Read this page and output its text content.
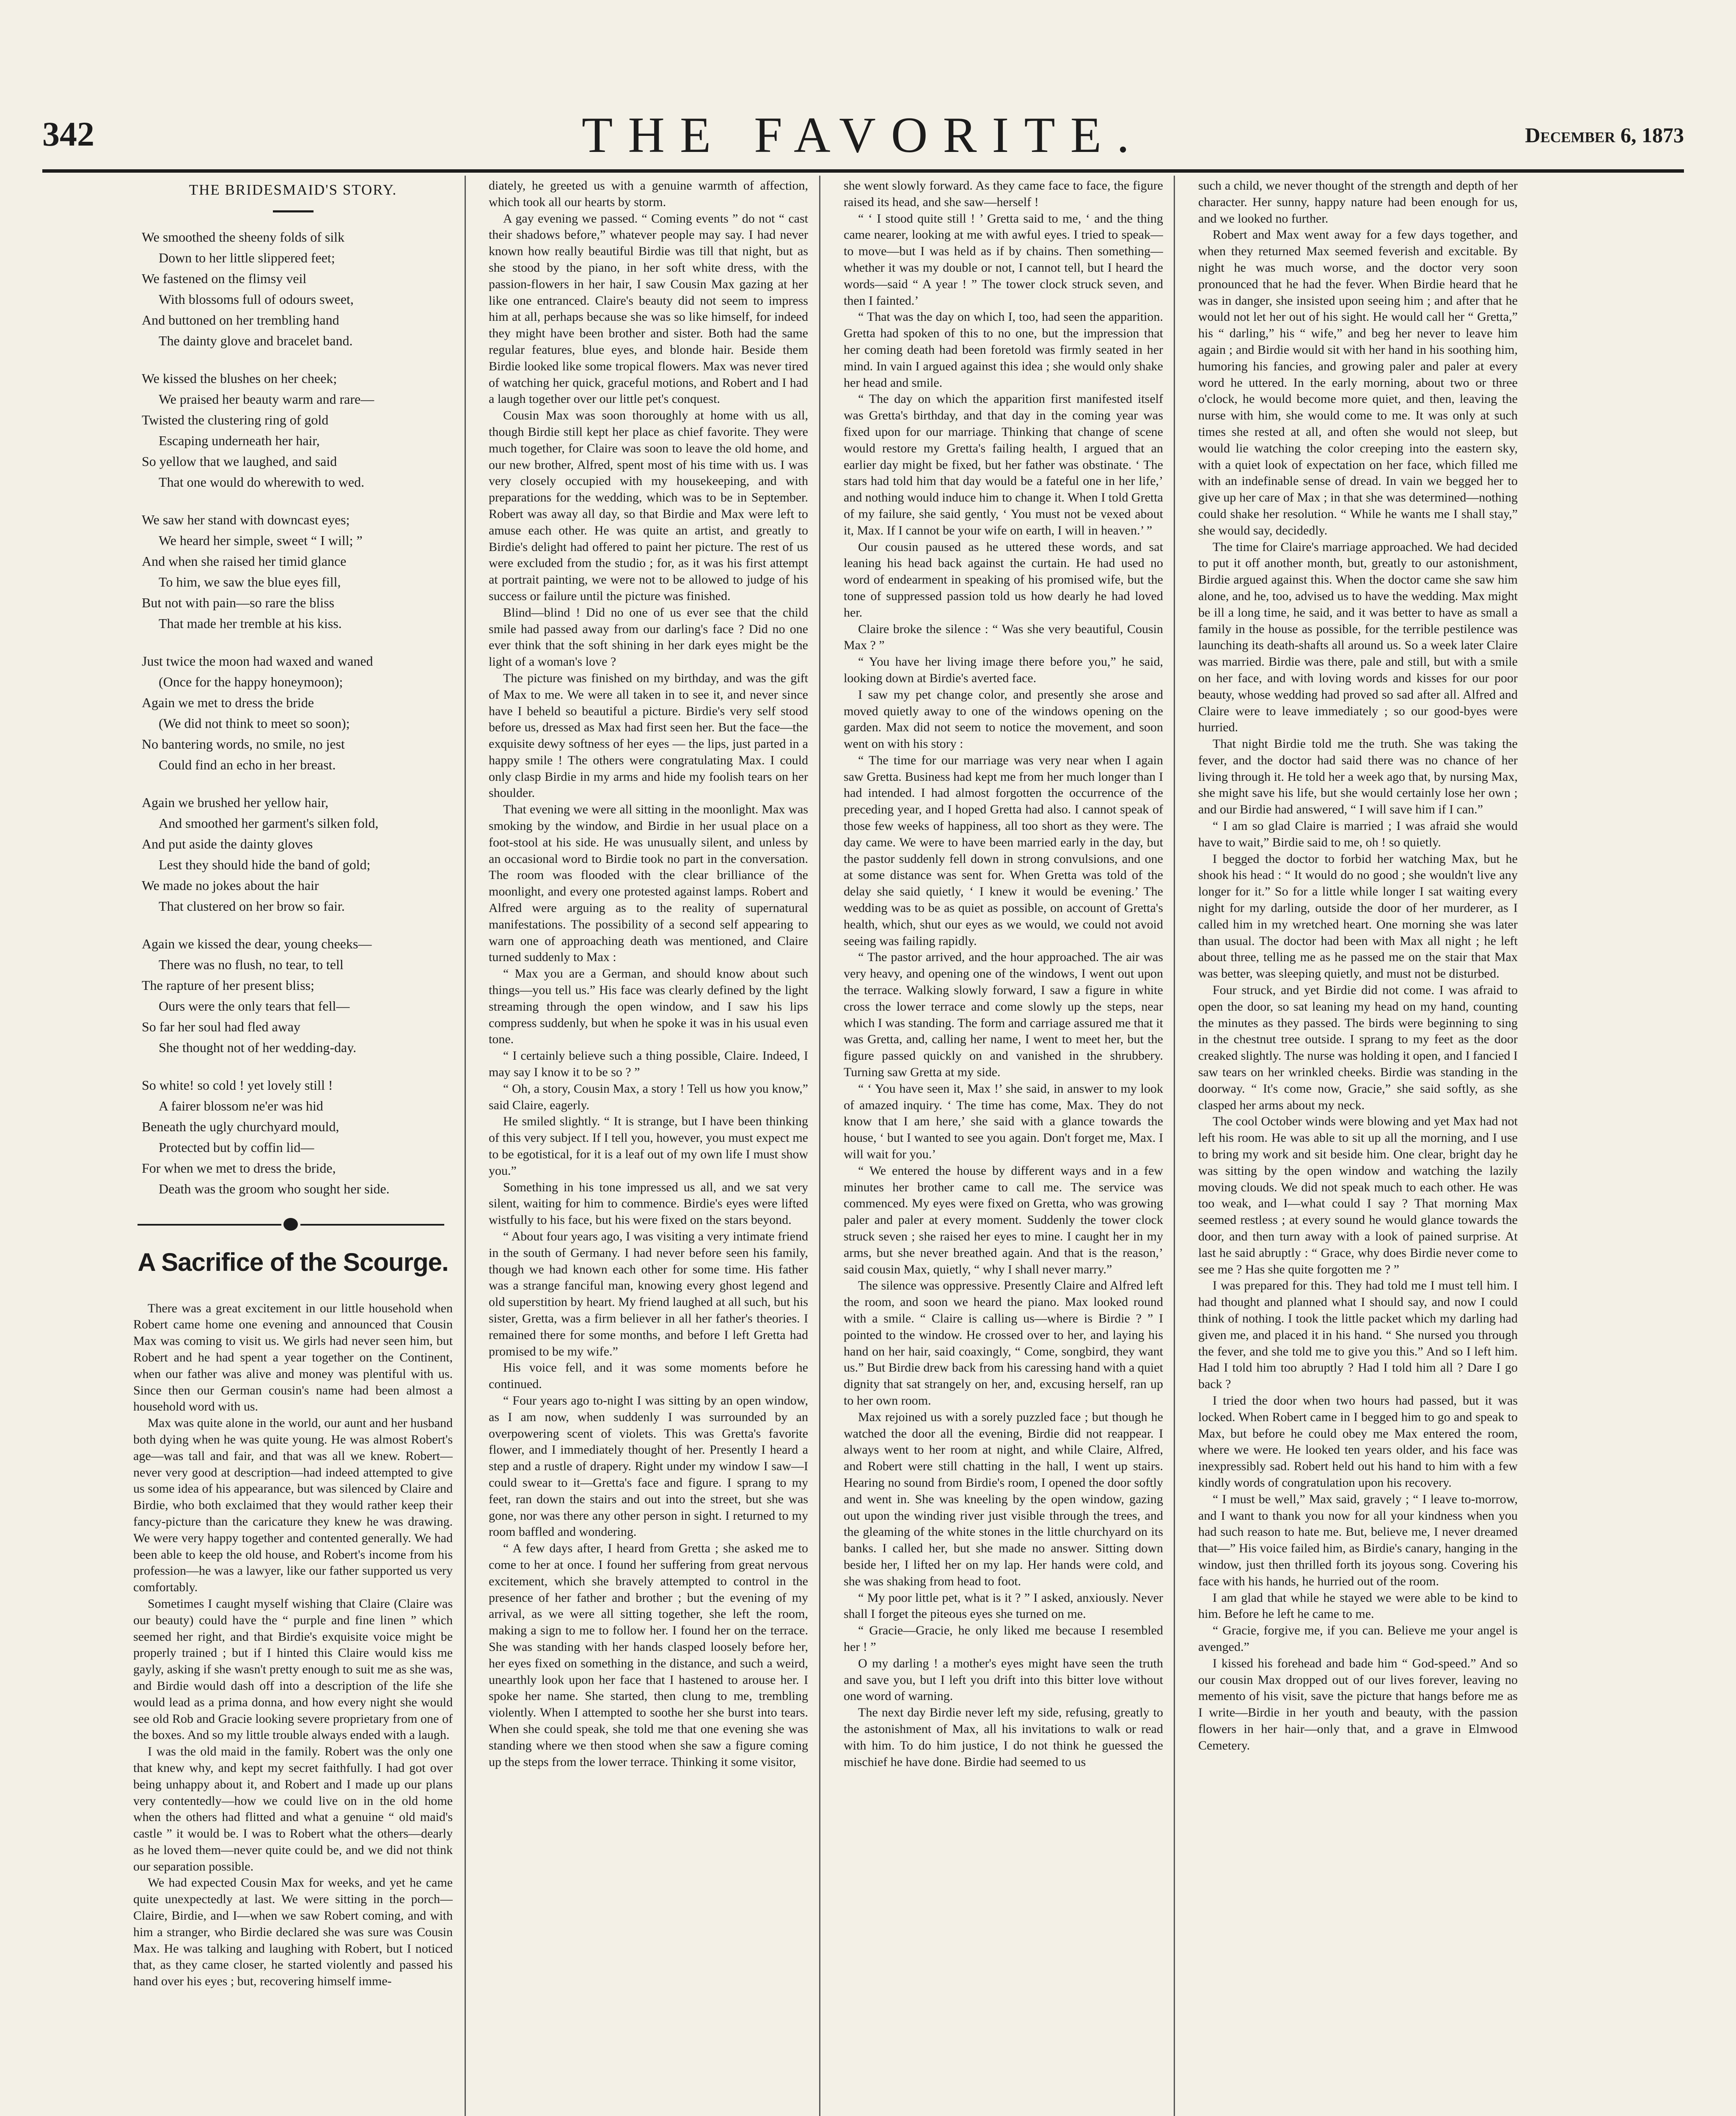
342	THE FAVORITE.	December 6, 1873
THE BRIDESMAID'S STORY.
We smoothed the sheeny folds of silk
Down to her little slippered feet;
We fastened on the flimsy veil
With blossoms full of odours sweet,
And buttoned on her trembling hand
The dainty glove and bracelet band.
We kissed the blushes on her cheek;
We praised her beauty warm and rare—
Twisted the clustering ring of gold
Escaping underneath her hair,
So yellow that we laughed, and said
That one would do wherewith to wed.
We saw her stand with downcast eyes;
We heard her simple, sweet “ I will; ”
And when she raised her timid glance
To him, we saw the blue eyes fill,
But not with pain—so rare the bliss
That made her tremble at his kiss.
Just twice the moon had waxed and waned
(Once for the happy honeymoon);
Again we met to dress the bride
(We did not think to meet so soon);
No bantering words, no smile, no jest
Could find an echo in her breast.
Again we brushed her yellow hair,
And smoothed her garment's silken fold,
And put aside the dainty gloves
Lest they should hide the band of gold;
We made no jokes about the hair
That clustered on her brow so fair.
Again we kissed the dear, young cheeks—
There was no flush, no tear, to tell
The rapture of her present bliss;
Ours were the only tears that fell—
So far her soul had fled away
She thought not of her wedding-day.
So white! so cold ! yet lovely still !
A fairer blossom ne'er was hid
Beneath the ugly churchyard mould,
Protected but by coffin lid—
For when we met to dress the bride,
Death was the groom who sought her side.
A Sacrifice of the Scourge.

There was a great excitement in our little household when Robert came home one evening and announced that Cousin Max was coming to visit us. We girls had never seen him, but Robert and he had spent a year together on the Continent, when our father was alive and money was plentiful with us. Since then our German cousin's name had been almost a household word with us.

Max was quite alone in the world, our aunt and her husband both dying when he was quite young. He was almost Robert's age—was tall and fair, and that was all we knew. Robert—never very good at description—had indeed attempted to give us some idea of his appearance, but was silenced by Claire and Birdie, who both exclaimed that they would rather keep their fancy-picture than the caricature they knew he was drawing. We were very happy together and contented generally. We had been able to keep the old house, and Robert's income from his profession—he was a lawyer, like our father supported us very comfortably.

Sometimes I caught myself wishing that Claire (Claire was our beauty) could have the “ purple and fine linen ” which seemed her right, and that Birdie's exquisite voice might be properly trained ; but if I hinted this Claire would kiss me gayly, asking if she wasn't pretty enough to suit me as she was, and Birdie would dash off into a description of the life she would lead as a prima donna, and how every night she would see old Rob and Gracie looking severe proprietary from one of the boxes. And so my little trouble always ended with a laugh.

I was the old maid in the family. Robert was the only one that knew why, and kept my secret faithfully. I had got over being unhappy about it, and Robert and I made up our plans very contentedly—how we could live on in the old home when the others had flitted and what a genuine “ old maid's castle ” it would be. I was to Robert what the others—dearly as he loved them—never quite could be, and we did not think our separation possible.

We had expected Cousin Max for weeks, and yet he came quite unexpectedly at last. We were sitting in the porch—Claire, Birdie, and I—when we saw Robert coming, and with him a stranger, who Birdie declared she was sure was Cousin Max. He was talking and laughing with Robert, but I noticed that, as they came closer, he started violently and passed his hand over his eyes ; but, recovering himself imme-

diately, he greeted us with a genuine warmth of affection, which took all our hearts by storm.

A gay evening we passed. “ Coming events ” do not “ cast their shadows before,” whatever people may say. I had never known how really beautiful Birdie was till that night, but as she stood by the piano, in her soft white dress, with the passion-flowers in her hair, I saw Cousin Max gazing at her like one entranced. Claire's beauty did not seem to impress him at all, perhaps because she was so like himself, for indeed they might have been brother and sister. Both had the same regular features, blue eyes, and blonde hair. Beside them Birdie looked like some tropical flowers. Max was never tired of watching her quick, graceful motions, and Robert and I had a laugh together over our little pet's conquest.

Cousin Max was soon thoroughly at home with us all, though Birdie still kept her place as chief favorite. They were much together, for Claire was soon to leave the old home, and our new brother, Alfred, spent most of his time with us. I was very closely occupied with my housekeeping, and with preparations for the wedding, which was to be in September. Robert was away all day, so that Birdie and Max were left to amuse each other. He was quite an artist, and greatly to Birdie's delight had offered to paint her picture. The rest of us were excluded from the studio ; for, as it was his first attempt at portrait painting, we were not to be allowed to judge of his success or failure until the picture was finished.

Blind—blind ! Did no one of us ever see that the child smile had passed away from our darling's face ? Did no one ever think that the soft shining in her dark eyes might be the light of a woman's love ?

The picture was finished on my birthday, and was the gift of Max to me. We were all taken in to see it, and never since have I beheld so beautiful a picture. Birdie's very self stood before us, dressed as Max had first seen her. But the face—the exquisite dewy softness of her eyes — the lips, just parted in a happy smile ! The others were congratulating Max. I could only clasp Birdie in my arms and hide my foolish tears on her shoulder.

That evening we were all sitting in the moonlight. Max was smoking by the window, and Birdie in her usual place on a foot-stool at his side. He was unusually silent, and unless by an occasional word to Birdie took no part in the conversation. The room was flooded with the clear brilliance of the moonlight, and every one protested against lamps. Robert and Alfred were arguing as to the reality of supernatural manifestations. The possibility of a second self appearing to warn one of approaching death was mentioned, and Claire turned suddenly to Max :

“ Max you are a German, and should know about such things—you tell us.” His face was clearly defined by the light streaming through the open window, and I saw his lips compress suddenly, but when he spoke it was in his usual even tone.

“ I certainly believe such a thing possible, Claire. Indeed, I may say I know it to be so ? ”

“ Oh, a story, Cousin Max, a story ! Tell us how you know,” said Claire, eagerly.

He smiled slightly. “ It is strange, but I have been thinking of this very subject. If I tell you, however, you must expect me to be egotistical, for it is a leaf out of my own life I must show you.”

Something in his tone impressed us all, and we sat very silent, waiting for him to commence. Birdie's eyes were lifted wistfully to his face, but his were fixed on the stars beyond.

“ About four years ago, I was visiting a very intimate friend in the south of Germany. I had never before seen his family, though we had known each other for some time. His father was a strange fanciful man, knowing every ghost legend and old superstition by heart. My friend laughed at all such, but his sister, Gretta, was a firm believer in all her father's theories. I remained there for some months, and before I left Gretta had promised to be my wife.”

His voice fell, and it was some moments before he continued.

“ Four years ago to-night I was sitting by an open window, as I am now, when suddenly I was surrounded by an overpowering scent of violets. This was Gretta's favorite flower, and I immediately thought of her. Presently I heard a step and a rustle of drapery. Right under my window I saw—I could swear to it—Gretta's face and figure. I sprang to my feet, ran down the stairs and out into the street, but she was gone, nor was there any other person in sight. I returned to my room baffled and wondering.

“ A few days after, I heard from Gretta ; she asked me to come to her at once. I found her suffering from great nervous excitement, which she bravely attempted to control in the presence of her father and brother ; but the evening of my arrival, as we were all sitting together, she left the room, making a sign to me to follow her. I found her on the terrace. She was standing with her hands clasped loosely before her, her eyes fixed on something in the distance, and such a weird, unearthly look upon her face that I hastened to arouse her. I spoke her name. She started, then clung to me, trembling violently. When I attempted to soothe her she burst into tears. When she could speak, she told me that one evening she was standing where we then stood when she saw a figure coming up the steps from the lower terrace. Thinking it some visitor,

she went slowly forward. As they came face to face, the figure raised its head, and she saw—herself !

“ ‘ I stood quite still ! ’ Gretta said to me, ‘ and the thing came nearer, looking at me with awful eyes. I tried to speak—to move—but I was held as if by chains. Then something—whether it was my double or not, I cannot tell, but I heard the words—said “ A year ! ” The tower clock struck seven, and then I fainted.’

“ That was the day on which I, too, had seen the apparition. Gretta had spoken of this to no one, but the impression that her coming death had been foretold was firmly seated in her mind. In vain I argued against this idea ; she would only shake her head and smile.

“ The day on which the apparition first manifested itself was Gretta's birthday, and that day in the coming year was fixed upon for our marriage. Thinking that change of scene would restore my Gretta's failing health, I argued that an earlier day might be fixed, but her father was obstinate. ‘ The stars had told him that day would be a fateful one in her life,’ and nothing would induce him to change it. When I told Gretta of my failure, she said gently, ‘ You must not be vexed about it, Max. If I cannot be your wife on earth, I will in heaven.’ ”

Our cousin paused as he uttered these words, and sat leaning his head back against the curtain. He had used no word of endearment in speaking of his promised wife, but the tone of suppressed passion told us how dearly he had loved her.

Claire broke the silence : “ Was she very beautiful, Cousin Max ? ”

“ You have her living image there before you,” he said, looking down at Birdie's averted face.

I saw my pet change color, and presently she arose and moved quietly away to one of the windows opening on the garden. Max did not seem to notice the movement, and soon went on with his story :

“ The time for our marriage was very near when I again saw Gretta. Business had kept me from her much longer than I had intended. I had almost forgotten the occurrence of the preceding year, and I hoped Gretta had also. I cannot speak of those few weeks of happiness, all too short as they were. The day came. We were to have been married early in the day, but the pastor suddenly fell down in strong convulsions, and one at some distance was sent for. When Gretta was told of the delay she said quietly, ‘ I knew it would be evening.’ The wedding was to be as quiet as possible, on account of Gretta's health, which, shut our eyes as we would, we could not avoid seeing was failing rapidly.

“ The pastor arrived, and the hour approached. The air was very heavy, and opening one of the windows, I went out upon the terrace. Walking slowly forward, I saw a figure in white cross the lower terrace and come slowly up the steps, near which I was standing. The form and carriage assured me that it was Gretta, and, calling her name, I went to meet her, but the figure passed quickly on and vanished in the shrubbery. Turning saw Gretta at my side.

“ ‘ You have seen it, Max !’ she said, in answer to my look of amazed inquiry. ‘ The time has come, Max. They do not know that I am here,’ she said with a glance towards the house, ‘ but I wanted to see you again. Don't forget me, Max. I will wait for you.’

“ We entered the house by different ways and in a few minutes her brother came to call me. The service was commenced. My eyes were fixed on Gretta, who was growing paler and paler at every moment. Suddenly the tower clock struck seven ; she raised her eyes to mine. I caught her in my arms, but she never breathed again. And that is the reason,’ said cousin Max, quietly, “ why I shall never marry.”

The silence was oppressive. Presently Claire and Alfred left the room, and soon we heard the piano. Max looked round with a smile. “ Claire is calling us—where is Birdie ? ” I pointed to the window. He crossed over to her, and laying his hand on her hair, said coaxingly, “ Come, songbird, they want us.” But Birdie drew back from his caressing hand with a quiet dignity that sat strangely on her, and, excusing herself, ran up to her own room.

Max rejoined us with a sorely puzzled face ; but though he watched the door all the evening, Birdie did not reappear. I always went to her room at night, and while Claire, Alfred, and Robert were still chatting in the hall, I went up stairs. Hearing no sound from Birdie's room, I opened the door softly and went in. She was kneeling by the open window, gazing out upon the winding river just visible through the trees, and the gleaming of the white stones in the little churchyard on its banks. I called her, but she made no answer. Sitting down beside her, I lifted her on my lap. Her hands were cold, and she was shaking from head to foot.

“ My poor little pet, what is it ? ” I asked, anxiously. Never shall I forget the piteous eyes she turned on me.

“ Gracie—Gracie, he only liked me because I resembled her ! ”

O my darling ! a mother's eyes might have seen the truth and save you, but I left you drift into this bitter love without one word of warning.

The next day Birdie never left my side, refusing, greatly to the astonishment of Max, all his invitations to walk or read with him. To do him justice, I do not think he guessed the mischief he have done. Birdie had seemed to us

such a child, we never thought of the strength and depth of her character. Her sunny, happy nature had been enough for us, and we looked no further.

Robert and Max went away for a few days together, and when they returned Max seemed feverish and excitable. By night he was much worse, and the doctor very soon pronounced that he had the fever. When Birdie heard that he was in danger, she insisted upon seeing him ; and after that he would not let her out of his sight. He would call her “ Gretta,” his “ darling,” his “ wife,” and beg her never to leave him again ; and Birdie would sit with her hand in his soothing him, humoring his fancies, and growing paler and paler at every word he uttered. In the early morning, about two or three o'clock, he would become more quiet, and then, leaving the nurse with him, she would come to me. It was only at such times she rested at all, and often she would not sleep, but would lie watching the color creeping into the eastern sky, with a quiet look of expectation on her face, which filled me with an indefinable sense of dread. In vain we begged her to give up her care of Max ; in that she was determined—nothing could shake her resolution. “ While he wants me I shall stay,” she would say, decidedly.

The time for Claire's marriage approached. We had decided to put it off another month, but, greatly to our astonishment, Birdie argued against this. When the doctor came she saw him alone, and he, too, advised us to have the wedding. Max might be ill a long time, he said, and it was better to have as small a family in the house as possible, for the terrible pestilence was launching its death-shafts all around us. So a week later Claire was married. Birdie was there, pale and still, but with a smile on her face, and with loving words and kisses for our poor beauty, whose wedding had proved so sad after all. Alfred and Claire were to leave immediately ; so our good-byes were hurried.

That night Birdie told me the truth. She was taking the fever, and the doctor had said there was no chance of her living through it. He told her a week ago that, by nursing Max, she might save his life, but she would certainly lose her own ; and our Birdie had answered, “ I will save him if I can.”

“ I am so glad Claire is married ; I was afraid she would have to wait,” Birdie said to me, oh ! so quietly.

I begged the doctor to forbid her watching Max, but he shook his head : “ It would do no good ; she wouldn't live any longer for it.” So for a little while longer I sat waiting every night for my darling, outside the door of her murderer, as I called him in my wretched heart. One morning she was later than usual. The doctor had been with Max all night ; he left about three, telling me as he passed me on the stair that Max was better, was sleeping quietly, and must not be disturbed.

Four struck, and yet Birdie did not come. I was afraid to open the door, so sat leaning my head on my hand, counting the minutes as they passed. The birds were beginning to sing in the chestnut tree outside. I sprang to my feet as the door creaked slightly. The nurse was holding it open, and I fancied I saw tears on her wrinkled cheeks. Birdie was standing in the doorway. “ It's come now, Gracie,” she said softly, as she clasped her arms about my neck.

The cool October winds were blowing and yet Max had not left his room. He was able to sit up all the morning, and I use to bring my work and sit beside him. One clear, bright day he was sitting by the open window and watching the lazily moving clouds. We did not speak much to each other. He was too weak, and I—what could I say ? That morning Max seemed restless ; at every sound he would glance towards the door, and then turn away with a look of pained surprise. At last he said abruptly : “ Grace, why does Birdie never come to see me ? Has she quite forgotten me ? ”

I was prepared for this. They had told me I must tell him. I had thought and planned what I should say, and now I could think of nothing. I took the little packet which my darling had given me, and placed it in his hand. “ She nursed you through the fever, and she told me to give you this.” And so I left him. Had I told him too abruptly ? Had I told him all ? Dare I go back ?

I tried the door when two hours had passed, but it was locked. When Robert came in I begged him to go and speak to Max, but before he could obey me Max entered the room, where we were. He looked ten years older, and his face was inexpressibly sad. Robert held out his hand to him with a few kindly words of congratulation upon his recovery.

“ I must be well,” Max said, gravely ; “ I leave to-morrow, and I want to thank you now for all your kindness when you had such reason to hate me. But, believe me, I never dreamed that—” His voice failed him, as Birdie's canary, hanging in the window, just then thrilled forth its joyous song. Covering his face with his hands, he hurried out of the room.

I am glad that while he stayed we were able to be kind to him. Before he left he came to me.

“ Gracie, forgive me, if you can. Believe me your angel is avenged.”

I kissed his forehead and bade him “ God-speed.” And so our cousin Max dropped out of our lives forever, leaving no memento of his visit, save the picture that hangs before me as I write—Birdie in her youth and beauty, with the passion flowers in her hair—only that, and a grave in Elmwood Cemetery.
